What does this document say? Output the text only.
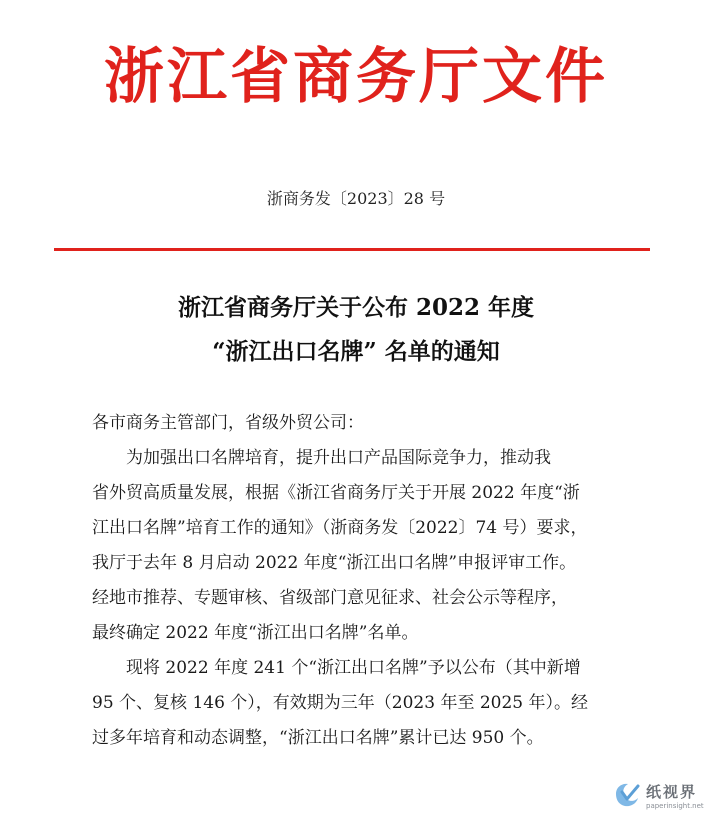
浙江省商务厅文件
浙商务发〔2023〕28 号
浙江省商务厅关于公布 2022 年度
“浙江出口名牌” 名单的通知
各市商务主管部门，省级外贸公司：
为加强出口名牌培育，提升出口产品国际竞争力，推动我
省外贸高质量发展，根据《浙江省商务厅关于开展 2022 年度“浙
江出口名牌”培育工作的通知》（浙商务发〔2022〕74 号）要求，
我厅于去年 8 月启动 2022 年度“浙江出口名牌”申报评审工作。
经地市推荐、专题审核、省级部门意见征求、社会公示等程序，
最终确定 2022 年度“浙江出口名牌”名单。
现将 2022 年度 241 个“浙江出口名牌”予以公布（其中新增
95 个、复核 146 个），有效期为三年（2023 年至 2025 年）。经
过多年培育和动态调整，“浙江出口名牌”累计已达 950 个。
纸视界
paperinsight.net
